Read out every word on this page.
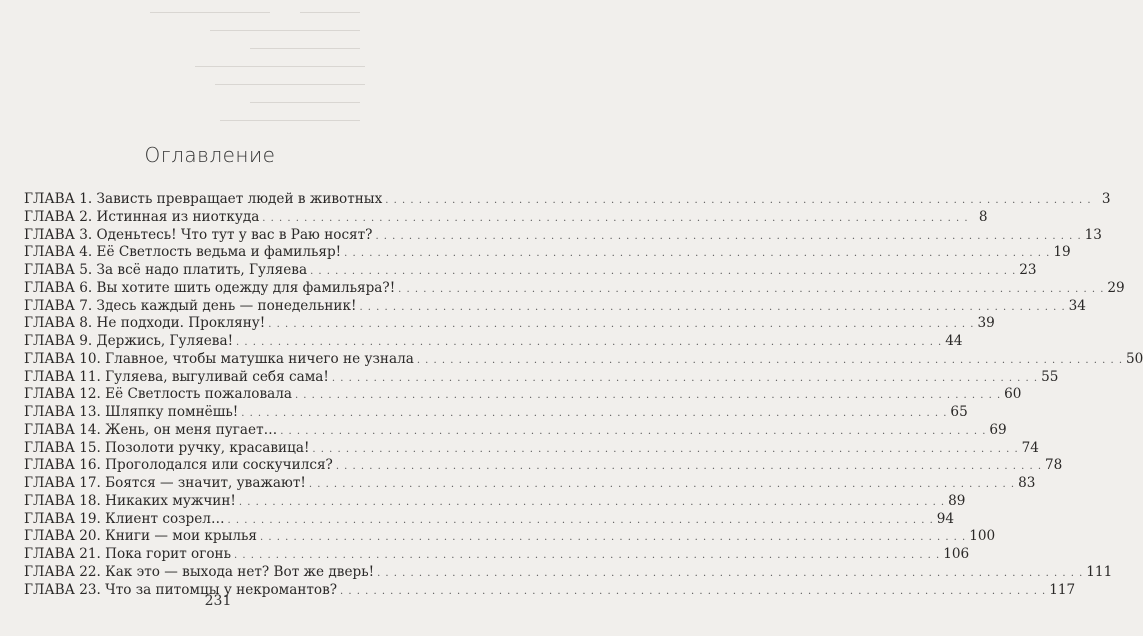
Оглавление
ГЛАВА 1. Зависть превращает людей в животных . . .	3
ГЛАВА 2. Истинная из ниоткуда . . .	8
ГЛАВА 3. Оденьтесь! Что тут у вас в Раю носят? . . .	13
ГЛАВА 4. Её Светлость ведьма и фамильяр! . . .	19
ГЛАВА 5. За всё надо платить, Гуляева . . .	23
ГЛАВА 6. Вы хотите шить одежду для фамильяра?! . . .	29
ГЛАВА 7. Здесь каждый день — понедельник! . . .	34
ГЛАВА 8. Не подходи. Прокляну! . . .	39
ГЛАВА 9. Держись, Гуляева! . . .	44
ГЛАВА 10. Главное, чтобы матушка ничего не узнала . . .	50
ГЛАВА 11. Гуляева, выгуливай себя сама! . . .	55
ГЛАВА 12. Её Светлость пожаловала . . .	60
ГЛАВА 13. Шляпку помнёшь! . . .	65
ГЛАВА 14. Жень, он меня пугает… . . .	69
ГЛАВА 15. Позолоти ручку, красавица! . . .	74
ГЛАВА 16. Проголодался или соскучился? . . .	78
ГЛАВА 17. Боятся — значит, уважают! . . .	83
ГЛАВА 18. Никаких мужчин! . . .	89
ГЛАВА 19. Клиент созрел… . . .	94
ГЛАВА 20. Книги — мои крылья . . .	100
ГЛАВА 21. Пока горит огонь . . .	106
ГЛАВА 22. Как это — выхода нет? Вот же дверь! . . .	111
ГЛАВА 23. Что за питомцы у некромантов? . . .	117
231
